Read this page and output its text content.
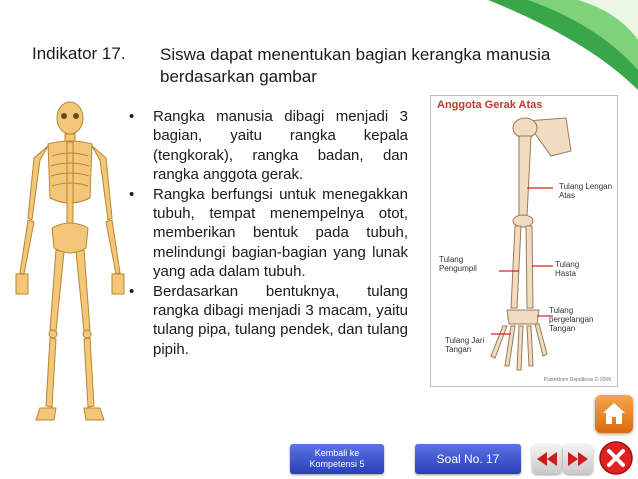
Indikator 17. Siswa dapat menentukan bagian kerangka manusia berdasarkan gambar
• Rangka manusia dibagi menjadi 3 bagian, yaitu rangka kepala (tengkorak), rangka badan, dan rangka anggota gerak.
• Rangka berfungsi untuk menegakkan tubuh, tempat menempelnya otot, memberikan bentuk pada tubuh, melindungi bagian-bagian yang lunak yang ada dalam tubuh.
• Berdasarkan bentuknya, tulang rangka dibagi menjadi 3 macam, yaitu tulang pipa, tulang pendek, dan tulang pipih.
Anggota Gerak Atas
Tulang Lengan Atas
Tulang Pengumpil	Tulang Hasta
Tulang pergelangan Tangan
Tulang Jari Tangan
Pustekkom Depdiknas © 2008
Kembali ke
Kompetensi 5	Soal No. 17
